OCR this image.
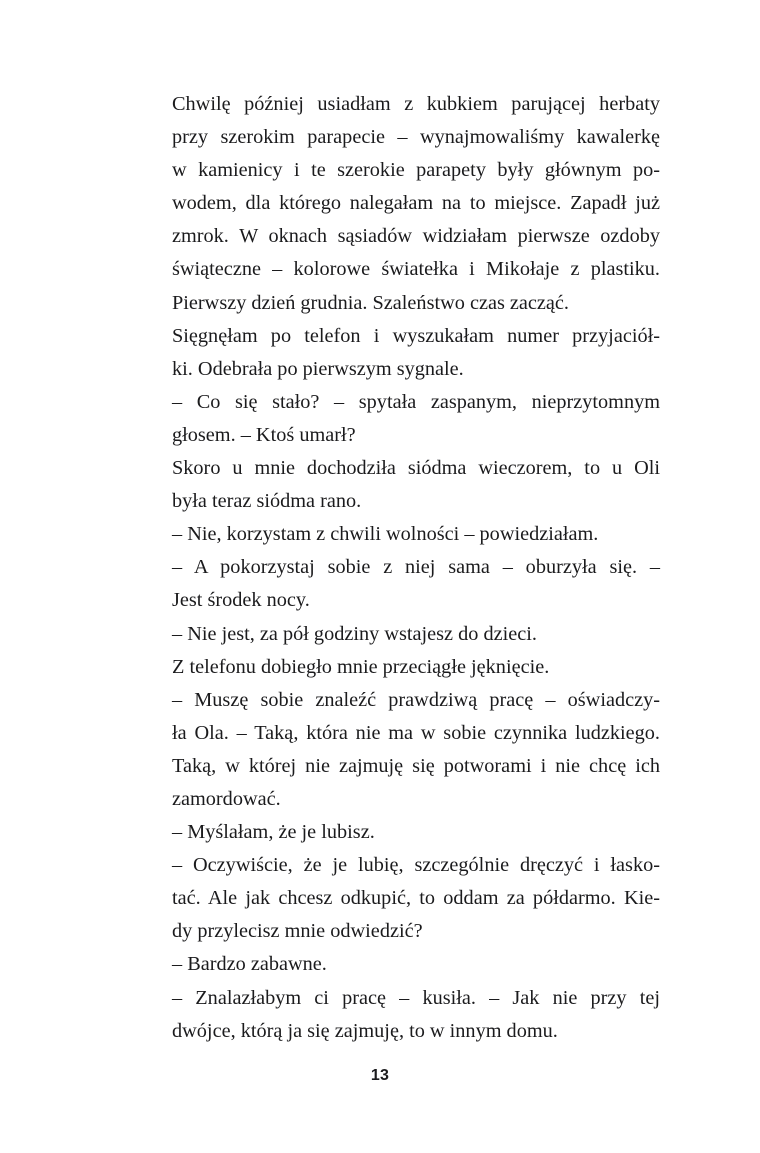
Chwilę później usiadłam z kubkiem parującej herbaty
przy szerokim parapecie – wynajmowaliśmy kawalerkę
w kamienicy i te szerokie parapety były głównym po-
wodem, dla którego nalegałam na to miejsce. Zapadł już
zmrok. W oknach sąsiadów widziałam pierwsze ozdoby
świąteczne – kolorowe światełka i Mikołaje z plastiku.
Pierwszy dzień grudnia. Szaleństwo czas zacząć.

Sięgnęłam po telefon i wyszukałam numer przyjaciół-
ki. Odebrała po pierwszym sygnale.

– Co się stało? – spytała zaspanym, nieprzytomnym
głosem. – Ktoś umarł?

Skoro u mnie dochodziła siódma wieczorem, to u Oli
była teraz siódma rano.

– Nie, korzystam z chwili wolności – powiedziałam.

– A pokorzystaj sobie z niej sama – oburzyła się. –
Jest środek nocy.

– Nie jest, za pół godziny wstajesz do dzieci.

Z telefonu dobiegło mnie przeciągłe jęknięcie.

– Muszę sobie znaleźć prawdziwą pracę – oświadczy-
ła Ola. – Taką, która nie ma w sobie czynnika ludzkiego.
Taką, w której nie zajmuję się potworami i nie chcę ich
zamordować.

– Myślałam, że je lubisz.

– Oczywiście, że je lubię, szczególnie dręczyć i łasko-
tać. Ale jak chcesz odkupić, to oddam za półdarmo. Kie-
dy przylecisz mnie odwiedzić?

– Bardzo zabawne.

– Znalazłabym ci pracę – kusiła. – Jak nie przy tej
dwójce, którą ja się zajmuję, to w innym domu.

13
